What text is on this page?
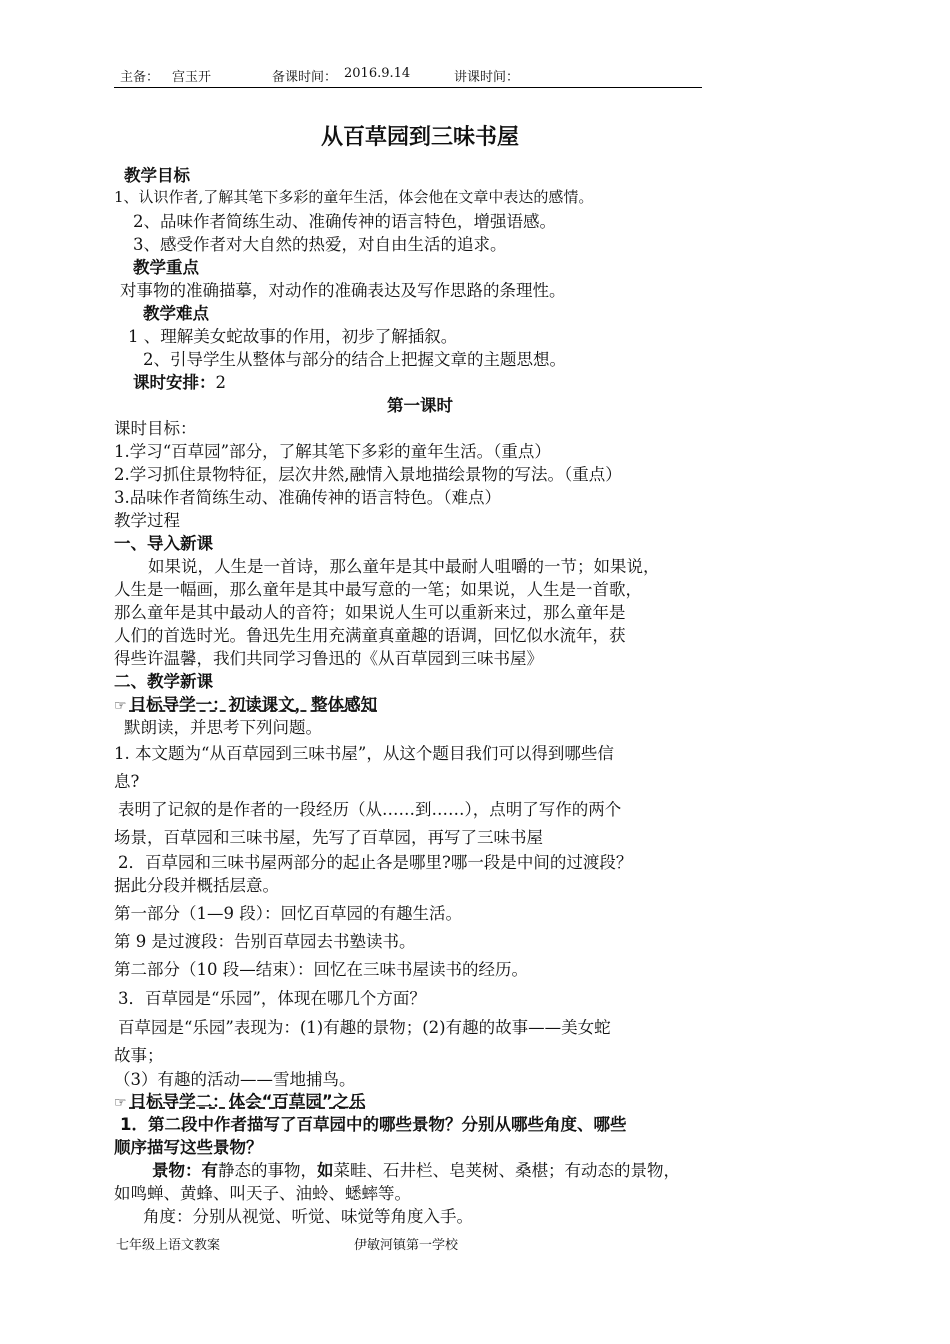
主备： 宫玉开	备课时间： 2016.9.14	讲课时间：
从百草园到三味书屋
教学目标
1、认识作者,了解其笔下多彩的童年生活，体会他在文章中表达的感情。
2、品味作者简练生动、准确传神的语言特色，增强语感。
3、感受作者对大自然的热爱，对自由生活的追求。
教学重点
对事物的准确描摹，对动作的准确表达及写作思路的条理性。
教学难点
1 、理解美女蛇故事的作用，初步了解插叙。
2、引导学生从整体与部分的结合上把握文章的主题思想。
课时安排：2
第一课时
课时目标：
1.学习“百草园”部分，了解其笔下多彩的童年生活。（重点）
2.学习抓住景物特征，层次井然,融情入景地描绘景物的写法。（重点）
3.品味作者简练生动、准确传神的语言特色。（难点）
教学过程
一、导入新课
如果说，人生是一首诗，那么童年是其中最耐人咀嚼的一节；如果说，
人生是一幅画，那么童年是其中最写意的一笔；如果说，人生是一首歌，
那么童年是其中最动人的音符；如果说人生可以重新来过，那么童年是
人们的首选时光。鲁迅先生用充满童真童趣的语调，回忆似水流年，获
得些许温馨，我们共同学习鲁迅的《从百草园到三味书屋》
二、教学新课
☞ 目标导学一：初读课文，整体感知
默朗读，并思考下列问题。
1. 本文题为“从百草园到三味书屋”，从这个题目我们可以得到哪些信
息?
表明了记叙的是作者的一段经历（从……到……），点明了写作的两个
场景，百草园和三味书屋，先写了百草园，再写了三味书屋
2．百草园和三味书屋两部分的起止各是哪里?哪一段是中间的过渡段？
据此分段并概括层意。
第一部分（1—9 段）：回忆百草园的有趣生活。
第 9 是过渡段：告别百草园去书塾读书。
第二部分（10 段—结束）：回忆在三味书屋读书的经历。
3．百草园是“乐园”，体现在哪几个方面？
百草园是“乐园”表现为：(1)有趣的景物；(2)有趣的故事——美女蛇
故事；
（3）有趣的活动——雪地捕鸟。
☞ 目标导学二：体会“百草园”之乐
1．第二段中作者描写了百草园中的哪些景物？分别从哪些角度、哪些
顺序描写这些景物？
景物：有静态的事物，如菜畦、石井栏、皂荚树、桑椹；有动态的景物，
如鸣蝉、黄蜂、叫天子、油蛉、蟋蟀等。
角度：分别从视觉、听觉、味觉等角度入手。
七年级上语文教案	伊敏河镇第一学校
